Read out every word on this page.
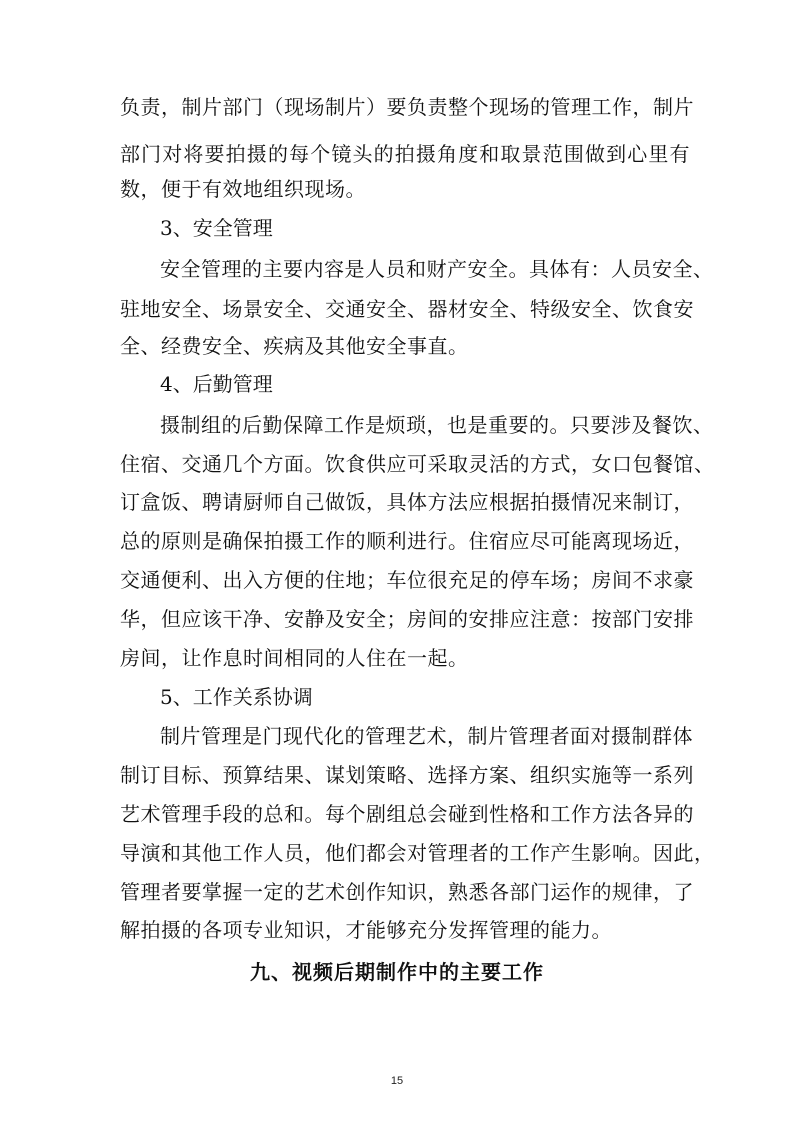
负责，制片部门（现场制片）要负责整个现场的管理工作，制片
部门对将要拍摄的每个镜头的拍摄角度和取景范围做到心里有
数，便于有效地组织现场。
3、安全管理
安全管理的主要内容是人员和财产安全。具体有：人员安全、
驻地安全、场景安全、交通安全、器材安全、特级安全、饮食安
全、经费安全、疾病及其他安全事直。
4、后勤管理
摄制组的后勤保障工作是烦琐，也是重要的。只要涉及餐饮、
住宿、交通几个方面。饮食供应可采取灵活的方式，女口包餐馆、
订盒饭、聘请厨师自己做饭，具体方法应根据拍摄情况来制订，
总的原则是确保拍摄工作的顺利进行。住宿应尽可能离现场近，
交通便利、出入方便的住地；车位很充足的停车场；房间不求豪
华，但应该干净、安静及安全；房间的安排应注意：按部门安排
房间，让作息时间相同的人住在一起。
5、工作关系协调
制片管理是门现代化的管理艺术，制片管理者面对摄制群体
制订目标、预算结果、谋划策略、选择方案、组织实施等一系列
艺术管理手段的总和。每个剧组总会碰到性格和工作方法各异的
导演和其他工作人员，他们都会对管理者的工作产生影响。因此，
管理者要掌握一定的艺术创作知识，熟悉各部门运作的规律，了
解拍摄的各项专业知识，才能够充分发挥管理的能力。
九、视频后期制作中的主要工作
15
